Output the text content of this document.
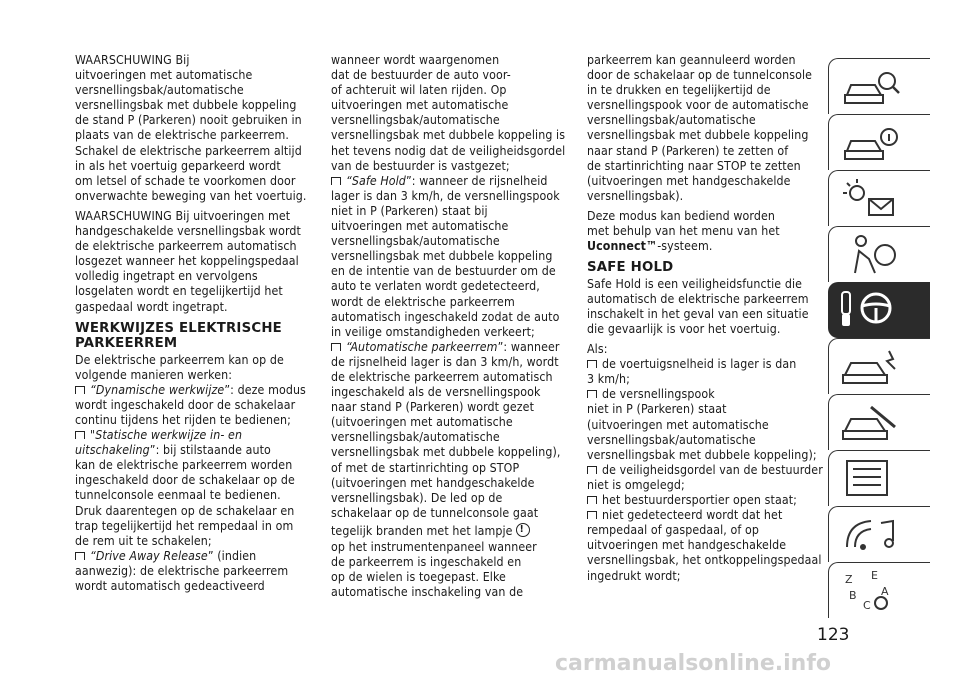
WAARSCHUWING Bij
uitvoeringen met automatische
versnellingsbak/automatische
versnellingsbak met dubbele koppeling
de stand P (Parkeren) nooit gebruiken in
plaats van de elektrische parkeerrem.
Schakel de elektrische parkeerrem altijd
in als het voertuig geparkeerd wordt
om letsel of schade te voorkomen door
onverwachte beweging van het voertuig.

WAARSCHUWING Bij uitvoeringen met
handgeschakelde versnellingsbak wordt
de elektrische parkeerrem automatisch
losgezet wanneer het koppelingspedaal
volledig ingetrapt en vervolgens
losgelaten wordt en tegelijkertijd het
gaspedaal wordt ingetrapt.

WERKWIJZES ELEKTRISCHE
PARKEERREM
De elektrische parkeerrem kan op de
volgende manieren werken:
“Dynamische werkwijze”: deze modus
wordt ingeschakeld door de schakelaar
continu tijdens het rijden te bedienen;
"Statische werkwijze in- en
uitschakeling”: bij stilstaande auto
kan de elektrische parkeerrem worden
ingeschakeld door de schakelaar op de
tunnelconsole eenmaal te bedienen.
Druk daarentegen op de schakelaar en
trap tegelijkertijd het rempedaal in om
de rem uit te schakelen;
“Drive Away Release” (indien
aanwezig): de elektrische parkeerrem
wordt automatisch gedeactiveerd
wanneer wordt waargenomen
dat de bestuurder de auto voor-
of achteruit wil laten rijden. Op
uitvoeringen met automatische
versnellingsbak/automatische
versnellingsbak met dubbele koppeling is
het tevens nodig dat de veiligheidsgordel
van de bestuurder is vastgezet;
“Safe Hold”: wanneer de rijsnelheid
lager is dan 3 km/h, de versnellingspook
niet in P (Parkeren) staat bij
uitvoeringen met automatische
versnellingsbak/automatische
versnellingsbak met dubbele koppeling
en de intentie van de bestuurder om de
auto te verlaten wordt gedetecteerd,
wordt de elektrische parkeerrem
automatisch ingeschakeld zodat de auto
in veilige omstandigheden verkeert;
“Automatische parkeerrem”: wanneer
de rijsnelheid lager is dan 3 km/h, wordt
de elektrische parkeerrem automatisch
ingeschakeld als de versnellingspook
naar stand P (Parkeren) wordt gezet
(uitvoeringen met automatische
versnellingsbak/automatische
versnellingsbak met dubbele koppeling),
of met de startinrichting op STOP
(uitvoeringen met handgeschakelde
versnellingsbak). De led op de
schakelaar op de tunnelconsole gaat
tegelijk branden met het lampje!
op het instrumentenpaneel wanneer
de parkeerrem is ingeschakeld en
op de wielen is toegepast. Elke
automatische inschakeling van de

parkeerrem kan geannuleerd worden
door de schakelaar op de tunnelconsole
in te drukken en tegelijkertijd de
versnellingspook voor de automatische
versnellingsbak/automatische
versnellingsbak met dubbele koppeling
naar stand P (Parkeren) te zetten of
de startinrichting naar STOP te zetten
(uitvoeringen met handgeschakelde
versnellingsbak).

Deze modus kan bediend worden
met behulp van het menu van het
Uconnect™-systeem.

SAFE HOLD

Safe Hold is een veiligheidsfunctie die
automatisch de elektrische parkeerrem
inschakelt in het geval van een situatie
die gevaarlijk is voor het voertuig.

Als:
de voertuigsnelheid is lager is dan
3 km/h;
de versnellingspook
niet in P (Parkeren) staat
(uitvoeringen met automatische
versnellingsbak/automatische
versnellingsbak met dubbele koppeling);
de veiligheidsgordel van de bestuurder
niet is omgelegd;
het bestuurdersportier open staat;
niet gedetecteerd wordt dat het
rempedaal of gaspedaal, of op
uitvoeringen met handgeschakelde
versnellingsbak, het ontkoppelingspedaal
ingedrukt wordt;	Z E
B
C
A
123
carmanualsonline.info
